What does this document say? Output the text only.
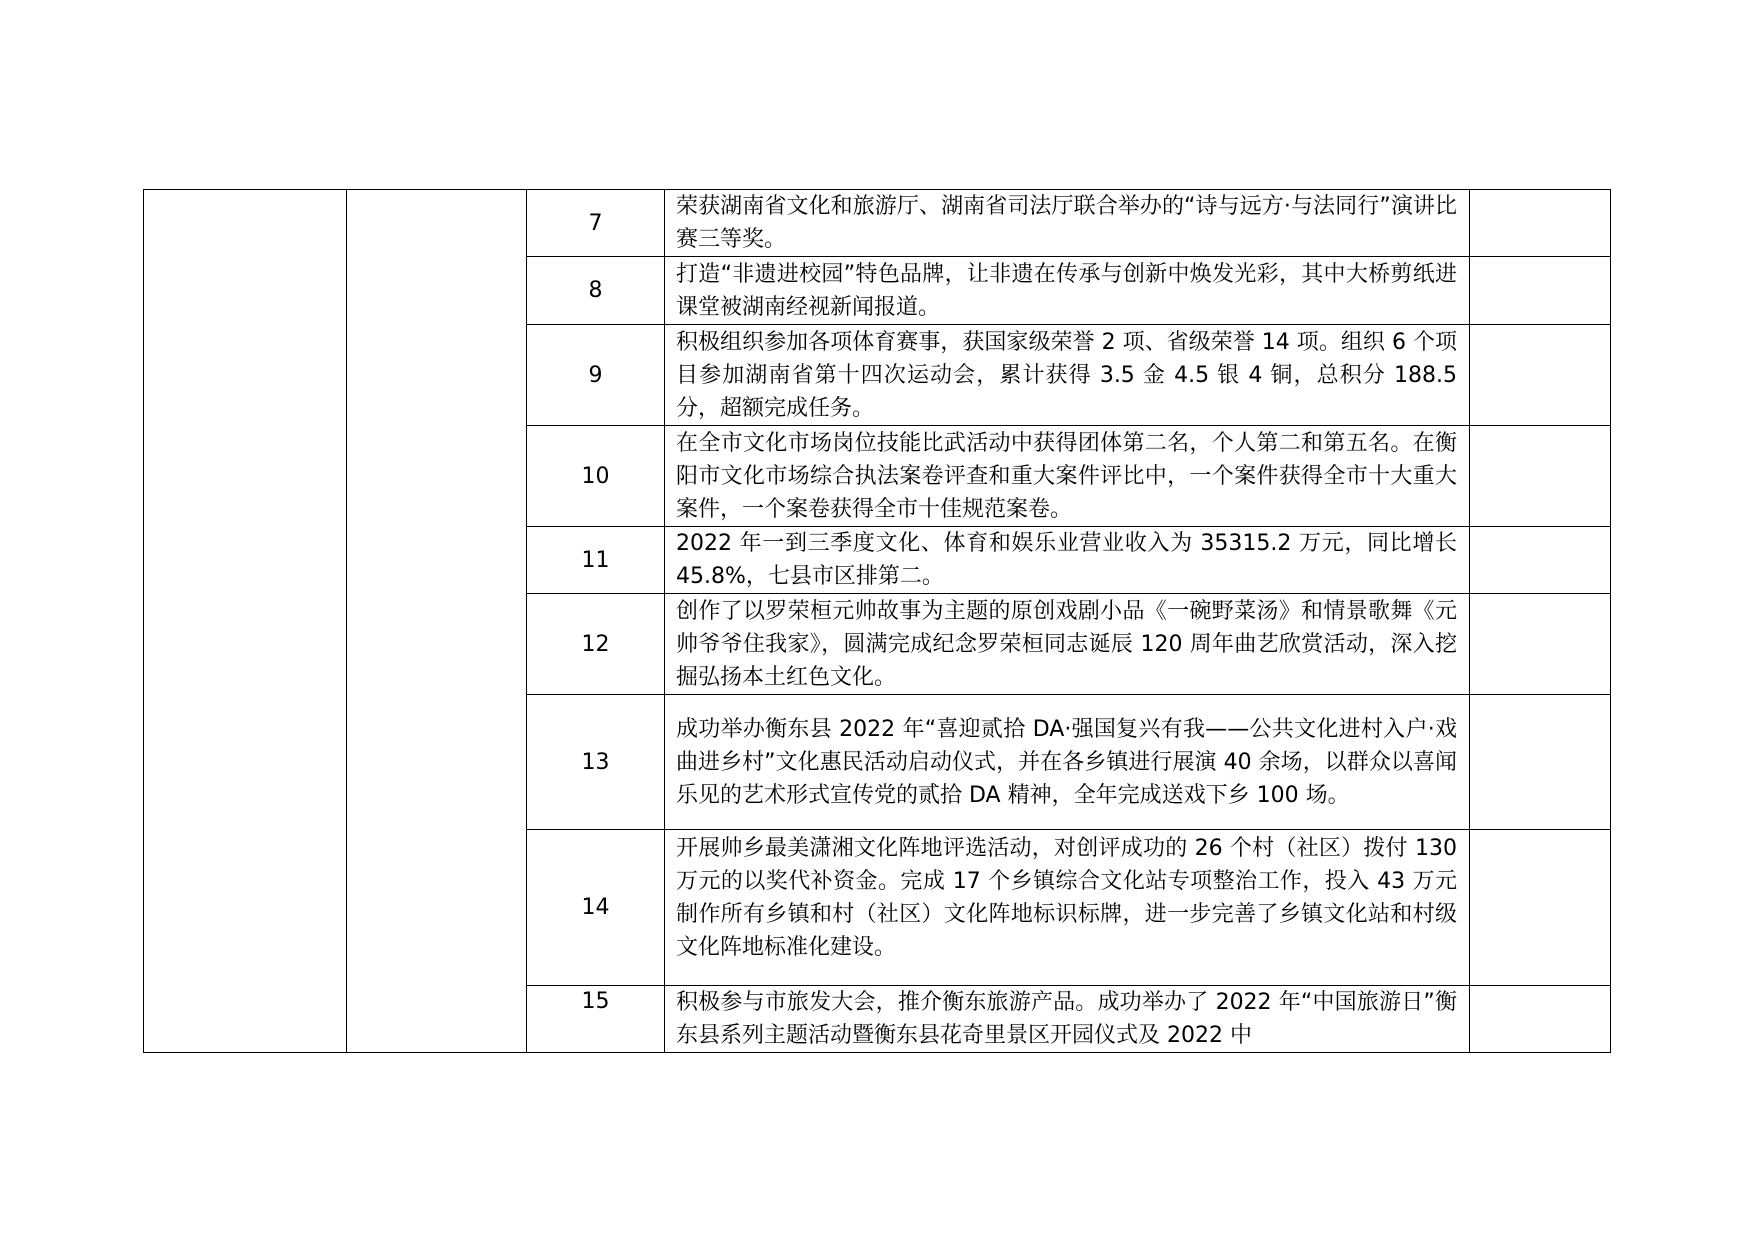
		7	荣获湖南省文化和旅游厅、湖南省司法厅联合举办的“诗与远方·与法同行”演讲比赛三等奖。	

		8	打造“非遗进校园”特色品牌，让非遗在传承与创新中焕发光彩，其中大桥剪纸进课堂被湖南经视新闻报道。	

		9	积极组织参加各项体育赛事，获国家级荣誉 2 项、省级荣誉 14 项。组织 6 个项目参加湖南省第十四次运动会，累计获得 3.5 金 4.5 银 4 铜，总积分 188.5 分，超额完成任务。	

		10	在全市文化市场岗位技能比武活动中获得团体第二名，个人第二和第五名。在衡阳市文化市场综合执法案卷评查和重大案件评比中，一个案件获得全市十大重大案件，一个案卷获得全市十佳规范案卷。	

		11	2022 年一到三季度文化、体育和娱乐业营业收入为 35315.2 万元，同比增长 45.8%，七县市区排第二。	

		12	创作了以罗荣桓元帅故事为主题的原创戏剧小品《一碗野菜汤》和情景歌舞《元帅爷爷住我家》，圆满完成纪念罗荣桓同志诞辰 120 周年曲艺欣赏活动，深入挖掘弘扬本土红色文化。	

		13	成功举办衡东县 2022 年“喜迎贰拾 DA·强国复兴有我——公共文化进村入户·戏曲进乡村”文化惠民活动启动仪式，并在各乡镇进行展演 40 余场，以群众以喜闻乐见的艺术形式宣传党的贰拾 DA 精神，全年完成送戏下乡 100 场。	

		14	开展帅乡最美潇湘文化阵地评选活动，对创评成功的 26 个村（社区）拨付 130 万元的以奖代补资金。完成 17 个乡镇综合文化站专项整治工作，投入 43 万元制作所有乡镇和村（社区）文化阵地标识标牌，进一步完善了乡镇文化站和村级文化阵地标准化建设。	

		15	积极参与市旅发大会，推介衡东旅游产品。成功举办了 2022 年“中国旅游日”衡东县系列主题活动暨衡东县花奇里景区开园仪式及 2022 中	
